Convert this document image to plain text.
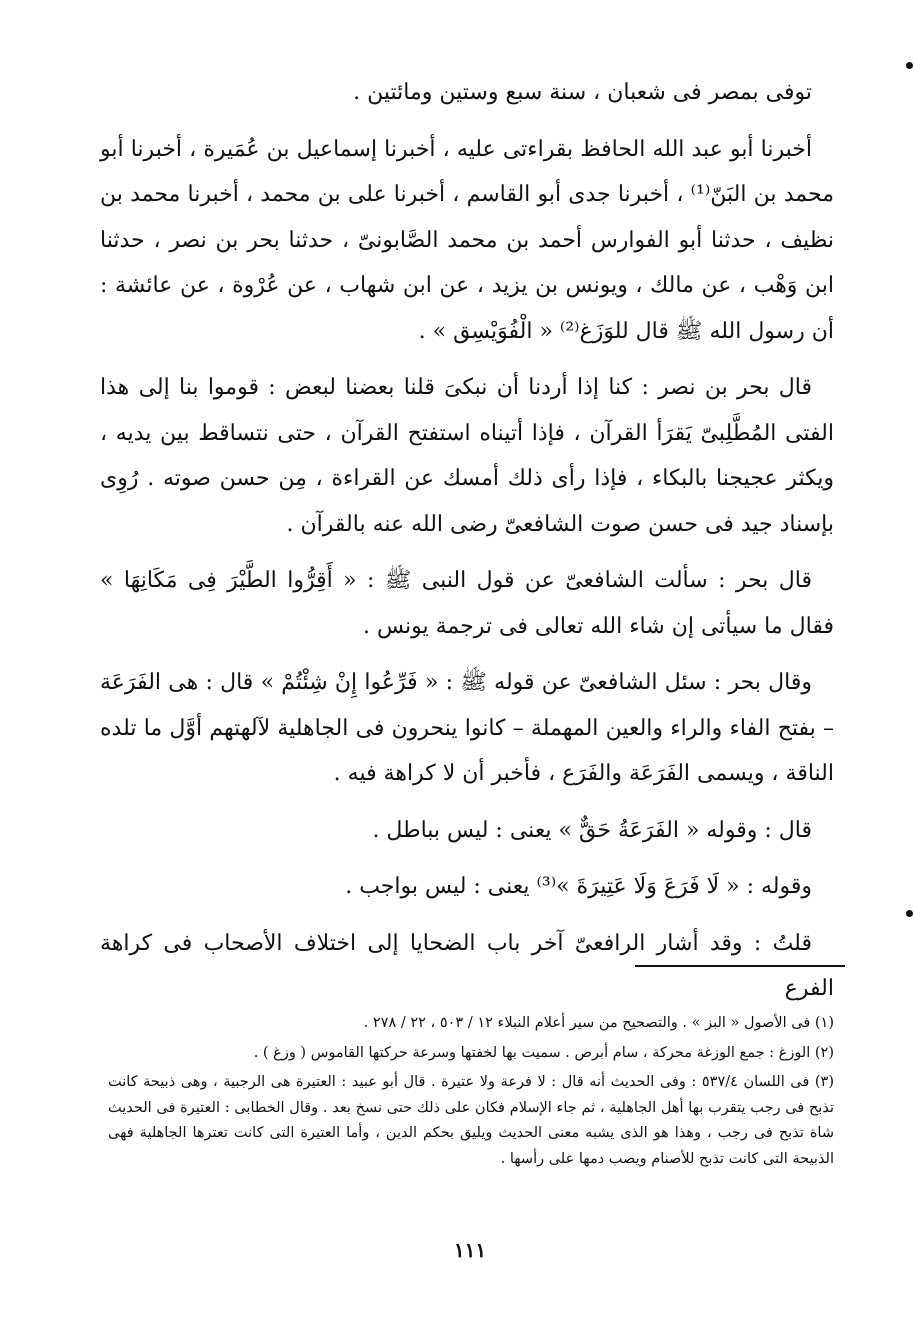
توفى بمصر فى شعبان ، سنة سبع وستين ومائتين .

أخبرنا أبو عبد الله الحافظ بقراءتى عليه ، أخبرنا إسماعيل بن عُمَيرة ، أخبرنا أبو محمد بن البَنّ⁽¹⁾ ، أخبرنا جدى أبو القاسم ، أخبرنا على بن محمد ، أخبرنا محمد بن نظيف ، حدثنا أبو الفوارس أحمد بن محمد الصَّابونىّ ، حدثنا بحر بن نصر ، حدثنا ابن وَهْب ، عن مالك ، ويونس بن يزيد ، عن ابن شهاب ، عن عُرْوة ، عن عائشة : أن رسول الله ﷺ قال للوَزَغ⁽²⁾ « الْفُوَيْسِق » .

قال بحر بن نصر : كنا إذا أردنا أن نبكىَ قلنا بعضنا لبعض : قوموا بنا إلى هذا الفتى المُطَّلِبىّ يَقرَأ القرآن ، فإذا أتيناه استفتح القرآن ، حتى نتساقط بين يديه ، ويكثر عجيجنا بالبكاء ، فإذا رأى ذلك أمسك عن القراءة ، مِن حسن صوته . رُوِى بإسناد جيد فى حسن صوت الشافعىّ رضى الله عنه بالقرآن .

قال بحر : سألت الشافعىّ عن قول النبى ﷺ : « أَقِرُّوا الطَّيْرَ فِى مَكَانِهَا » فقال ما سيأتى إن شاء الله تعالى فى ترجمة يونس .

وقال بحر : سئل الشافعىّ عن قوله ﷺ : « فَرِّعُوا إِنْ شِئْتُمْ » قال : هى الفَرَعَة – بفتح الفاء والراء والعين المهملة – كانوا ينحرون فى الجاهلية لآلهتهم أوَّل ما تلده الناقة ، ويسمى الفَرَعَة والفَرَع ، فأخبر أن لا كراهة فيه .

قال : وقوله « الفَرَعَةُ حَقٌّ » يعنى : ليس بباطل .

وقوله : « لَا فَرَعَ وَلَا عَتِيرَةَ »⁽³⁾ يعنى : ليس بواجب .

قلتُ : وقد أشار الرافعىّ آخر باب الضحايا إلى اختلاف الأصحاب فى كراهة الفرع

(١) فى الأصول « البز » . والتصحيح من سير أعلام النبلاء ١٢ / ٥٠٣ ، ٢٢ / ٢٧٨ .

(٢) الوزغ : جمع الوزغة محركة ، سام أبرص . سميت بها لخفتها وسرعة حركتها القاموس ( وزغ ) .

(٣) فى اللسان ٥٣٧/٤ : وفى الحديث أنه قال : لا فرعة ولا عتيرة . قال أبو عبيد : العتيرة هى الرجبية ، وهى ذبيحة كانت تذبح فى رجب يتقرب بها أهل الجاهلية ، ثم جاء الإسلام فكان على ذلك حتى نسخ بعد . وقال الخطابى : العتيرة فى الحديث شاة تذبح فى رجب ، وهذا هو الذى يشبه معنى الحديث ويليق بحكم الدين ، وأما العتيرة التى كانت تعترها الجاهلية فهى الذبيحة التى كانت تذبح للأصنام ويصب دمها على رأسها .

١١١
